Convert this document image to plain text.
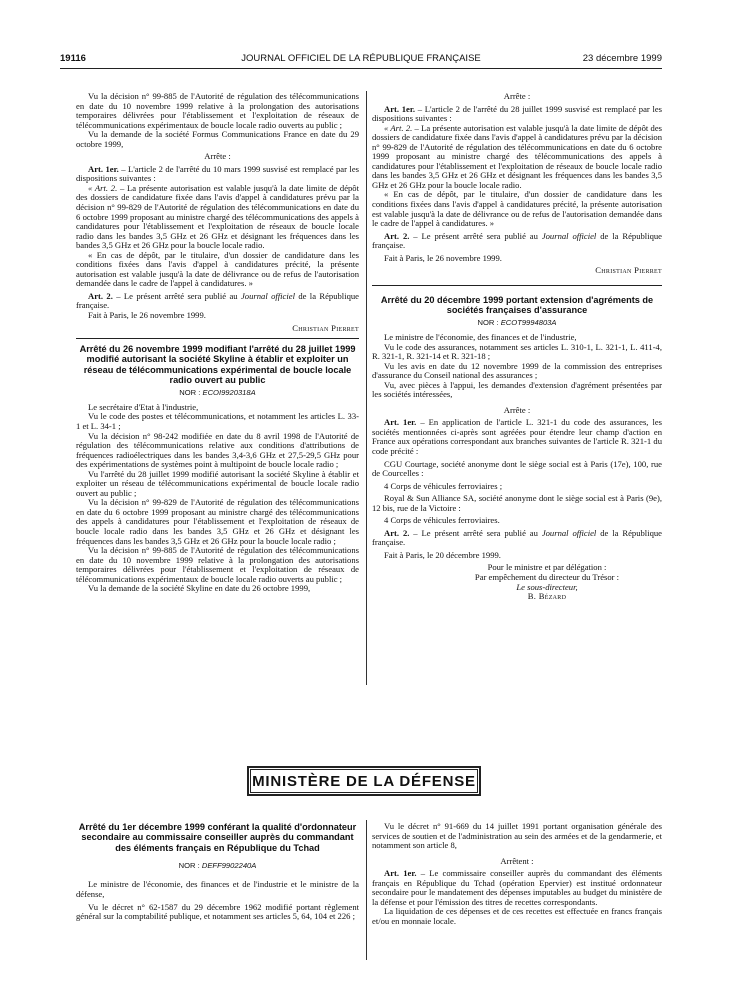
19116	JOURNAL OFFICIEL DE LA RÉPUBLIQUE FRANÇAISE	23 décembre 1999

Vu la décision n° 99-885 de l'Autorité de régulation des télécommunications en date du 10 novembre 1999 relative à la prolongation des autorisations temporaires délivrées pour l'établissement et l'exploitation de réseaux de télécommunications expérimentaux de boucle locale radio ouverts au public ;

Vu la demande de la société Formus Communications France en date du 29 octobre 1999,

Arrête :

Art. 1er. – L'article 2 de l'arrêté du 10 mars 1999 susvisé est remplacé par les dispositions suivantes :

« Art. 2. – La présente autorisation est valable jusqu'à la date limite de dépôt des dossiers de candidature fixée dans l'avis d'appel à candidatures prévu par la décision n° 99-829 de l'Autorité de régulation des télécommunications en date du 6 octobre 1999 proposant au ministre chargé des télécommunications des appels à candidatures pour l'établissement et l'exploitation de réseaux de boucle locale radio dans les bandes 3,5 GHz et 26 GHz et désignant les fréquences dans les bandes 3,5 GHz et 26 GHz pour la boucle locale radio.

« En cas de dépôt, par le titulaire, d'un dossier de candidature dans les conditions fixées dans l'avis d'appel à candidatures précité, la présente autorisation est valable jusqu'à la date de délivrance ou de refus de l'autorisation demandée dans le cadre de l'appel à candidatures. »

Art. 2. – Le présent arrêté sera publié au Journal officiel de la République française.

Fait à Paris, le 26 novembre 1999.

Christian Pierret

Arrêté du 26 novembre 1999 modifiant l'arrêté du 28 juillet 1999 modifié autorisant la société Skyline à établir et exploiter un réseau de télécommunications expérimental de boucle locale radio ouvert au public

NOR : ECOI9920318A

Le secrétaire d'Etat à l'industrie,

Vu le code des postes et télécommunications, et notamment les articles L. 33-1 et L. 34-1 ;

Vu la décision n° 98-242 modifiée en date du 8 avril 1998 de l'Autorité de régulation des télécommunications relative aux conditions d'attributions de fréquences radioélectriques dans les bandes 3,4-3,6 GHz et 27,5-29,5 GHz pour des expérimentations de systèmes point à multipoint de boucle locale radio ;

Vu l'arrêté du 28 juillet 1999 modifié autorisant la société Skyline à établir et exploiter un réseau de télécommunications expérimental de boucle locale radio ouvert au public ;

Vu la décision n° 99-829 de l'Autorité de régulation des télécommunications en date du 6 octobre 1999 proposant au ministre chargé des télécommunications des appels à candidatures pour l'établissement et l'exploitation de réseaux de boucle locale radio dans les bandes 3,5 GHz et 26 GHz et désignant les fréquences dans les bandes 3,5 GHz et 26 GHz pour la boucle locale radio ;

Vu la décision n° 99-885 de l'Autorité de régulation des télécommunications en date du 10 novembre 1999 relative à la prolongation des autorisations temporaires délivrées pour l'établissement et l'exploitation de réseaux de télécommunications expérimentaux de boucle locale radio ouverts au public ;

Vu la demande de la société Skyline en date du 26 octobre 1999,

Arrête :

Art. 1er. – L'article 2 de l'arrêté du 28 juillet 1999 susvisé est remplacé par les dispositions suivantes :

« Art. 2. – La présente autorisation est valable jusqu'à la date limite de dépôt des dossiers de candidature fixée dans l'avis d'appel à candidatures prévu par la décision n° 99-829 de l'Autorité de régulation des télécommunications en date du 6 octobre 1999 proposant au ministre chargé des télécommunications des appels à candidatures pour l'établissement et l'exploitation de réseaux de boucle locale radio dans les bandes 3,5 GHz et 26 GHz et désignant les fréquences dans les bandes 3,5 GHz et 26 GHz pour la boucle locale radio.

« En cas de dépôt, par le titulaire, d'un dossier de candidature dans les conditions fixées dans l'avis d'appel à candidatures précité, la présente autorisation est valable jusqu'à la date de délivrance ou de refus de l'autorisation demandée dans le cadre de l'appel à candidatures. »

Art. 2. – Le présent arrêté sera publié au Journal officiel de la République française.

Fait à Paris, le 26 novembre 1999.

Christian Pierret

Arrêté du 20 décembre 1999 portant extension d'agréments de sociétés françaises d'assurance

NOR : ECOT9994803A

Le ministre de l'économie, des finances et de l'industrie,

Vu le code des assurances, notamment ses articles L. 310-1, L. 321-1, L. 411-4, R. 321-1, R. 321-14 et R. 321-18 ;

Vu les avis en date du 12 novembre 1999 de la commission des entreprises d'assurance du Conseil national des assurances ;

Vu, avec pièces à l'appui, les demandes d'extension d'agrément présentées par les sociétés intéressées,

Arrête :

Art. 1er. – En application de l'article L. 321-1 du code des assurances, les sociétés mentionnées ci-après sont agréées pour étendre leur champ d'action en France aux opérations correspondant aux branches suivantes de l'article R. 321-1 du code précité :

CGU Courtage, société anonyme dont le siège social est à Paris (17e), 100, rue de Courcelles :

4 Corps de véhicules ferroviaires ;

Royal & Sun Alliance SA, société anonyme dont le siège social est à Paris (9e), 12 bis, rue de la Victoire :

4 Corps de véhicules ferroviaires.

Art. 2. – Le présent arrêté sera publié au Journal officiel de la République française.

Fait à Paris, le 20 décembre 1999.

Pour le ministre et par délégation :

Par empêchement du directeur du Trésor :

Le sous-directeur,

B. Bézard

MINISTÈRE DE LA DÉFENSE

Arrêté du 1er décembre 1999 conférant la qualité d'ordonnateur secondaire au commissaire conseiller auprès du commandant des éléments français en République du Tchad

NOR : DEFF9902240A

Le ministre de l'économie, des finances et de l'industrie et le ministre de la défense,

Vu le décret n° 62-1587 du 29 décembre 1962 modifié portant règlement général sur la comptabilité publique, et notamment ses articles 5, 64, 104 et 226 ;

Vu le décret n° 91-669 du 14 juillet 1991 portant organisation générale des services de soutien et de l'administration au sein des armées et de la gendarmerie, et notamment son article 8,

Arrêtent :

Art. 1er. – Le commissaire conseiller auprès du commandant des éléments français en République du Tchad (opération Epervier) est institué ordonnateur secondaire pour le mandatement des dépenses imputables au budget du ministère de la défense et pour l'émission des titres de recettes correspondants.

La liquidation de ces dépenses et de ces recettes est effectuée en francs français et/ou en monnaie locale.
